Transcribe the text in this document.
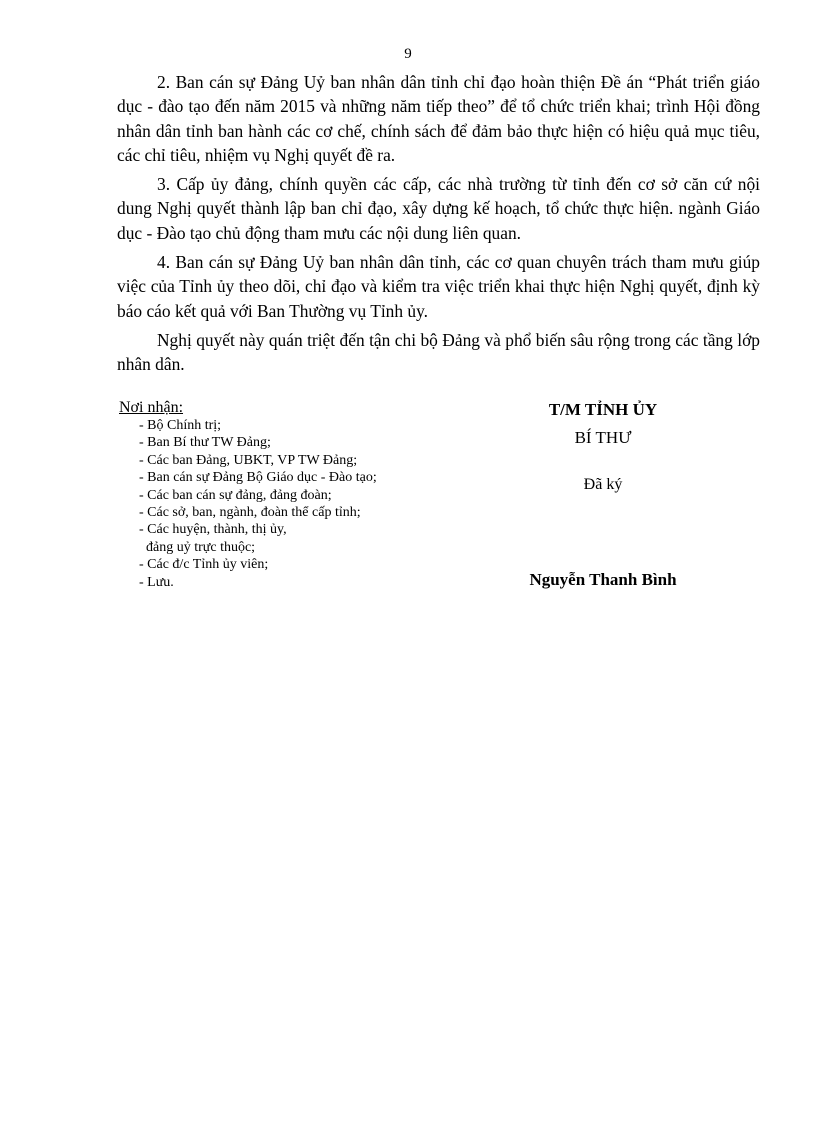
9

2. Ban cán sự Đảng Uỷ ban nhân dân tỉnh chỉ đạo hoàn thiện Đề án “Phát triển giáo dục - đào tạo đến năm 2015 và những năm tiếp theo” để tổ chức triển khai; trình Hội đồng nhân dân tỉnh ban hành các cơ chế, chính sách để đảm bảo thực hiện có hiệu quả mục tiêu, các chỉ tiêu, nhiệm vụ Nghị quyết đề ra.

3. Cấp ủy đảng, chính quyền các cấp, các nhà trường từ tỉnh đến cơ sở căn cứ nội dung Nghị quyết thành lập ban chỉ đạo, xây dựng kế hoạch, tổ chức thực hiện. ngành Giáo dục - Đào tạo chủ động tham mưu các nội dung liên quan.

4. Ban cán sự Đảng Uỷ ban nhân dân tỉnh, các cơ quan chuyên trách tham mưu giúp việc của Tỉnh ủy theo dõi, chỉ đạo và kiểm tra việc triển khai thực hiện Nghị quyết, định kỳ báo cáo kết quả với Ban Thường vụ Tỉnh ủy.

Nghị quyết này quán triệt đến tận chi bộ Đảng và phổ biến sâu rộng trong các tầng lớp nhân dân.

Nơi nhận:
- Bộ Chính trị;
- Ban Bí thư TW Đảng;
- Các ban Đảng, UBKT, VP TW Đảng;
- Ban cán sự Đảng Bộ Giáo dục - Đào tạo;
- Các ban cán sự đảng, đảng đoàn;
- Các sở, ban, ngành, đoàn thể cấp tỉnh;
- Các huyện, thành, thị ủy,
đảng uỷ trực thuộc;
- Các đ/c Tỉnh ủy viên;
- Lưu.
T/M TỈNH ỦY
BÍ THƯ
Đã ký
Nguyễn Thanh Bình
